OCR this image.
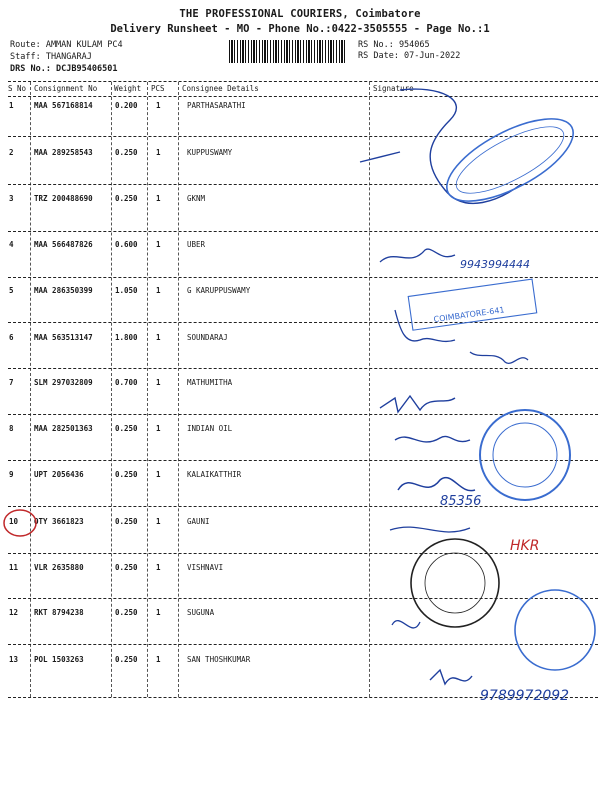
THE PROFESSIONAL COURIERS, Coimbatore
Delivery Runsheet - MO - Phone No.:0422-3505555 - Page No.:1
Route: AMMAN KULAM PC4
Staff: THANGARAJ
DRS No.: DCJB95406501
RS No.: 954065
RS Date: 07-Jun-2022
S No Consignment No Weight PCS Consignee Details	Signature
1	MAA 567168814	0.200 1	PARTHASARATHI
2	MAA 289258543	0.250 1	KUPPUSWAMY
3	TRZ 200488690	0.250 1	GKNM
4	MAA 566487826	0.600 1	UBER
5	MAA 286350399	1.050 1	G KARUPPUSWAMY
6	MAA 563513147	1.800 1	SOUNDARAJ
7	SLM 297032809	0.700 1	MATHUMITHA
8	MAA 282501363	0.250 1	INDIAN OIL
9	UPT 2056436	0.250 1	KALAIKATTHIR
10 OTY 3661823	0.250 1	GAUNI
11 VLR 2635880	0.250 1	VISHNAVI
12 RKT 8794238	0.250 1	SUGUNA
13 POL 1503263	0.250 1	SAN THOSHKUMAR
9943994444
COIMBATORE-641
85356
HKR
9789972092
